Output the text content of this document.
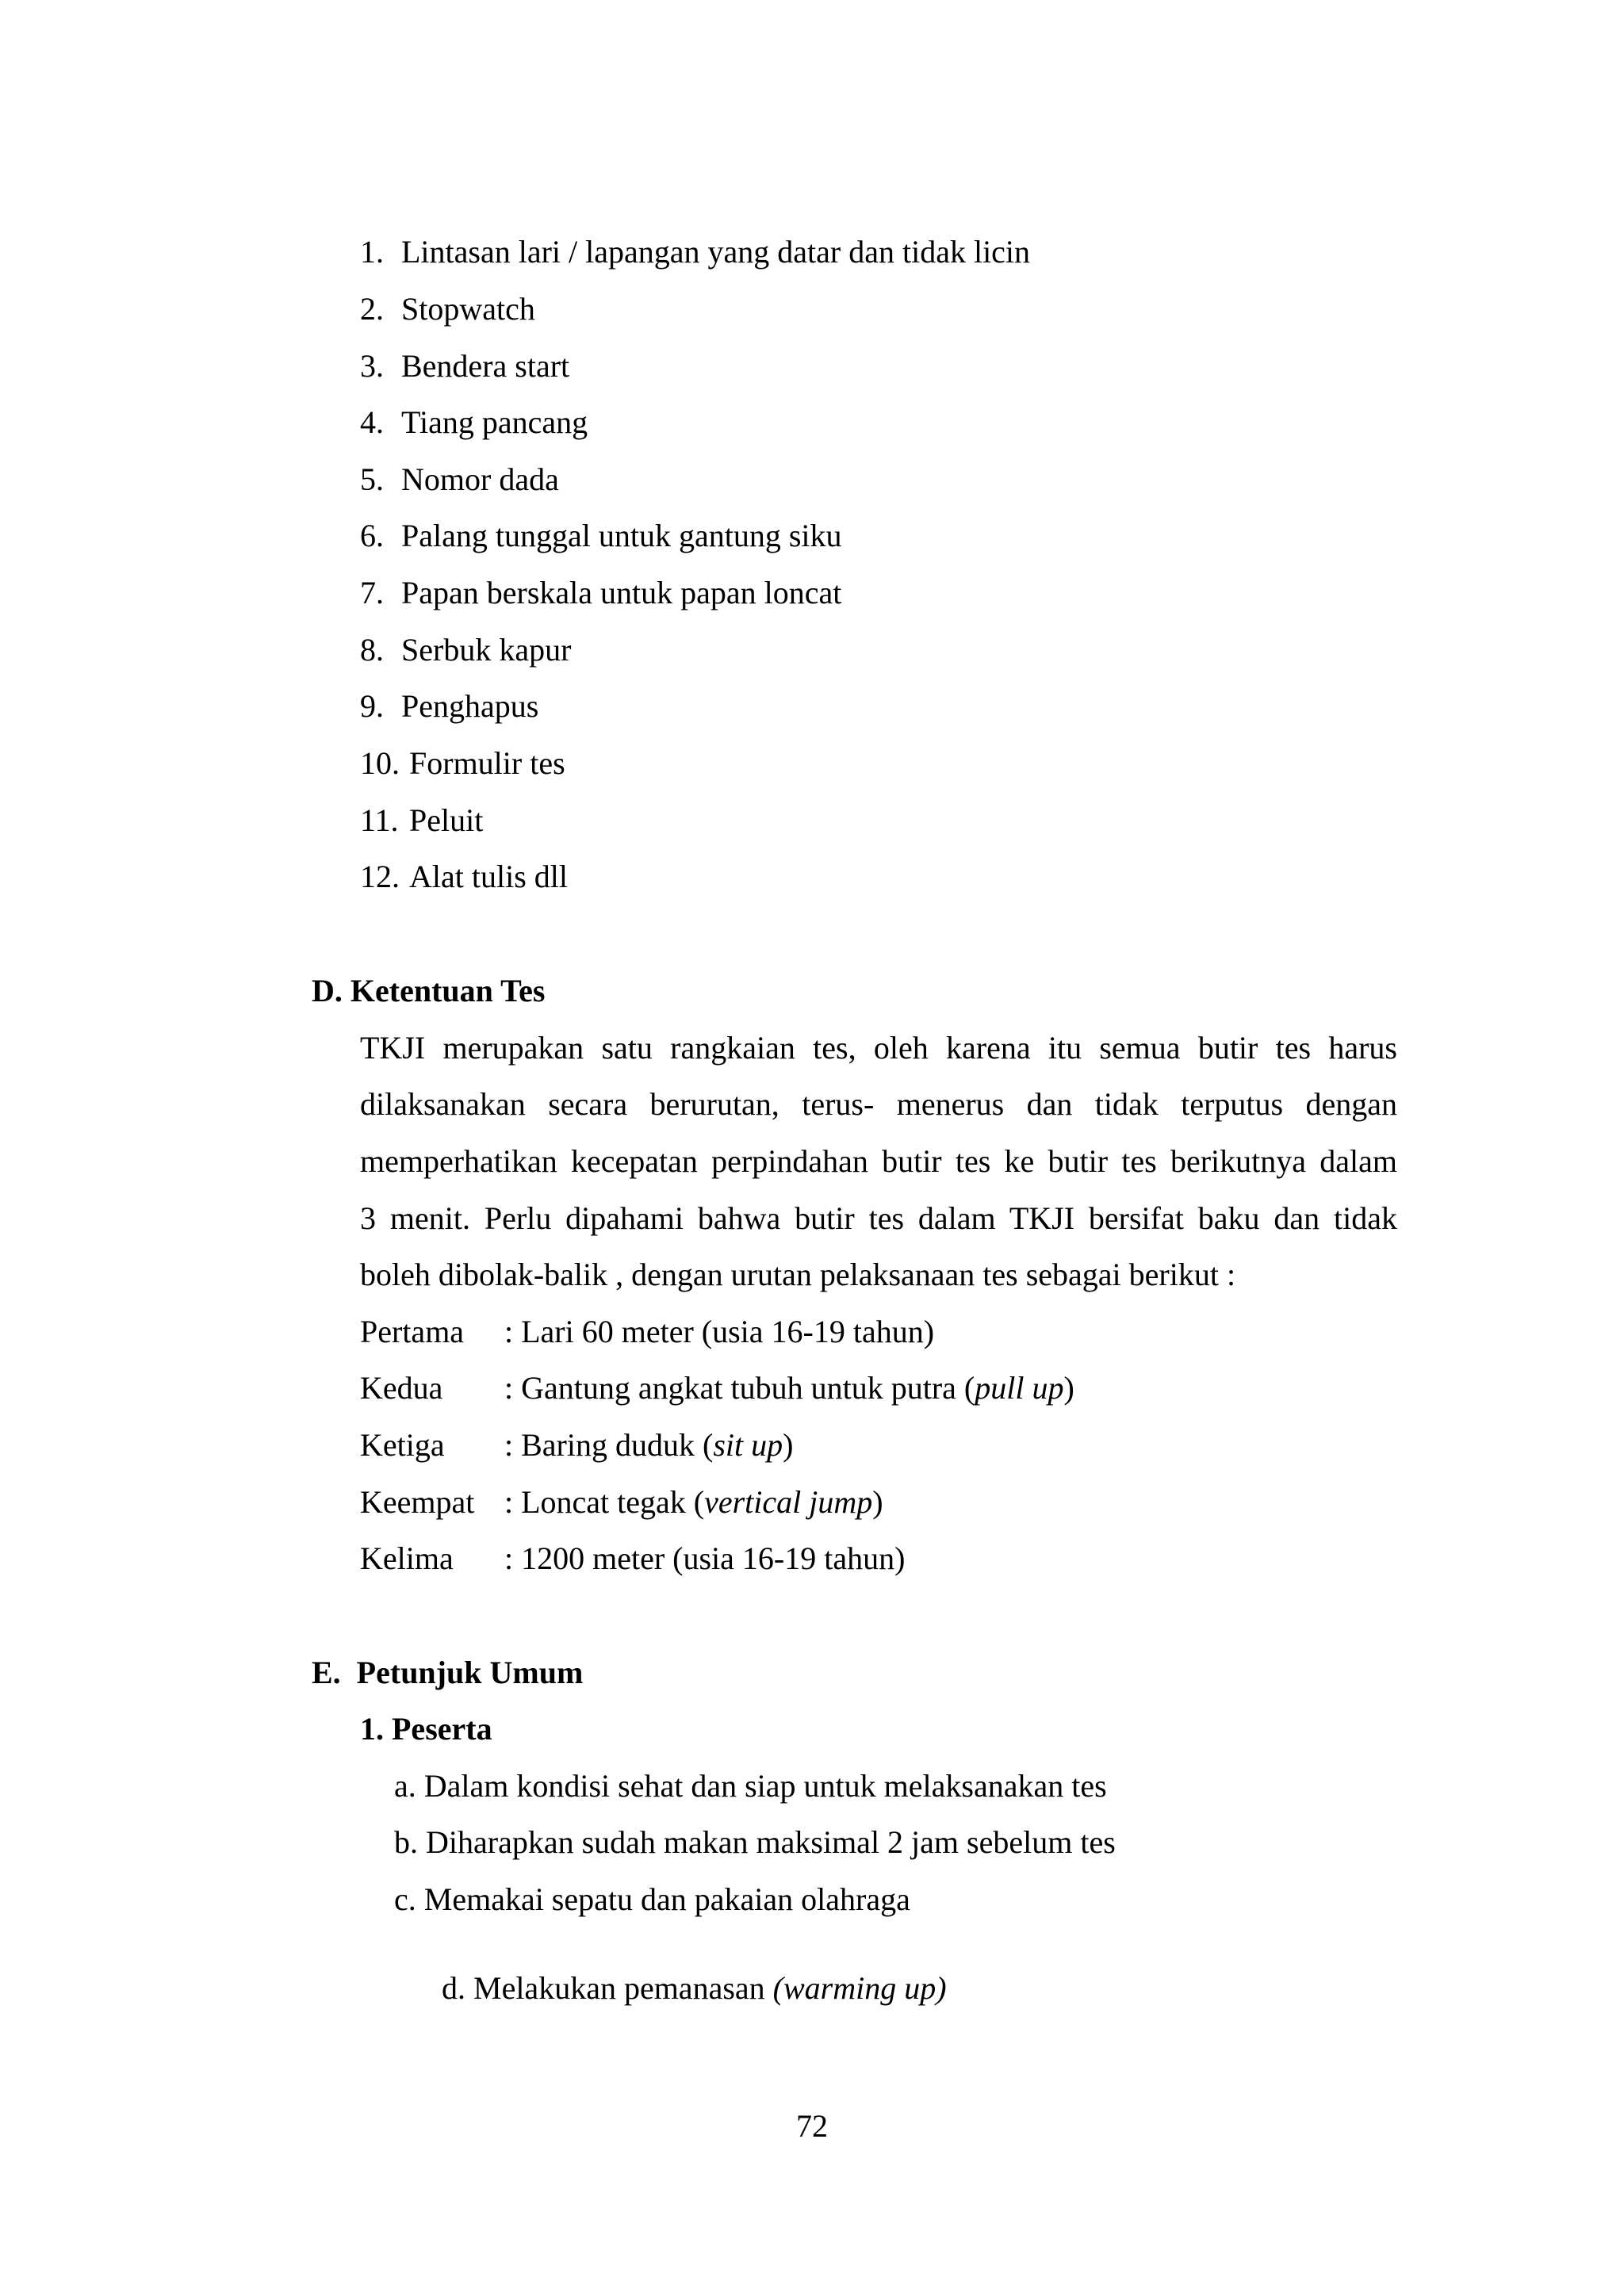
1. Lintasan lari / lapangan yang datar dan tidak licin
2. Stopwatch
3. Bendera start
4. Tiang pancang
5. Nomor dada
6. Palang tunggal untuk gantung siku
7. Papan berskala untuk papan loncat
8. Serbuk kapur
9. Penghapus
10. Formulir tes
11. Peluit
12. Alat tulis dll
D. Ketentuan Tes
TKJI merupakan satu rangkaian tes, oleh karena itu semua butir tes harus
dilaksanakan secara berurutan, terus- menerus dan tidak terputus dengan
memperhatikan kecepatan perpindahan butir tes ke butir tes berikutnya dalam
3 menit. Perlu dipahami bahwa butir tes dalam TKJI bersifat baku dan tidak
boleh dibolak-balik , dengan urutan pelaksanaan tes sebagai berikut :
Pertama : Lari 60 meter (usia 16-19 tahun)
Kedua : Gantung angkat tubuh untuk putra (pull up)
Ketiga : Baring duduk (sit up)
Keempat : Loncat tegak (vertical jump)
Kelima : 1200 meter (usia 16-19 tahun)
E.  Petunjuk Umum
1. Peserta
a. Dalam kondisi sehat dan siap untuk melaksanakan tes
b. Diharapkan sudah makan maksimal 2 jam sebelum tes
c. Memakai sepatu dan pakaian olahraga

d. Melakukan pemanasan (warming up)

72
